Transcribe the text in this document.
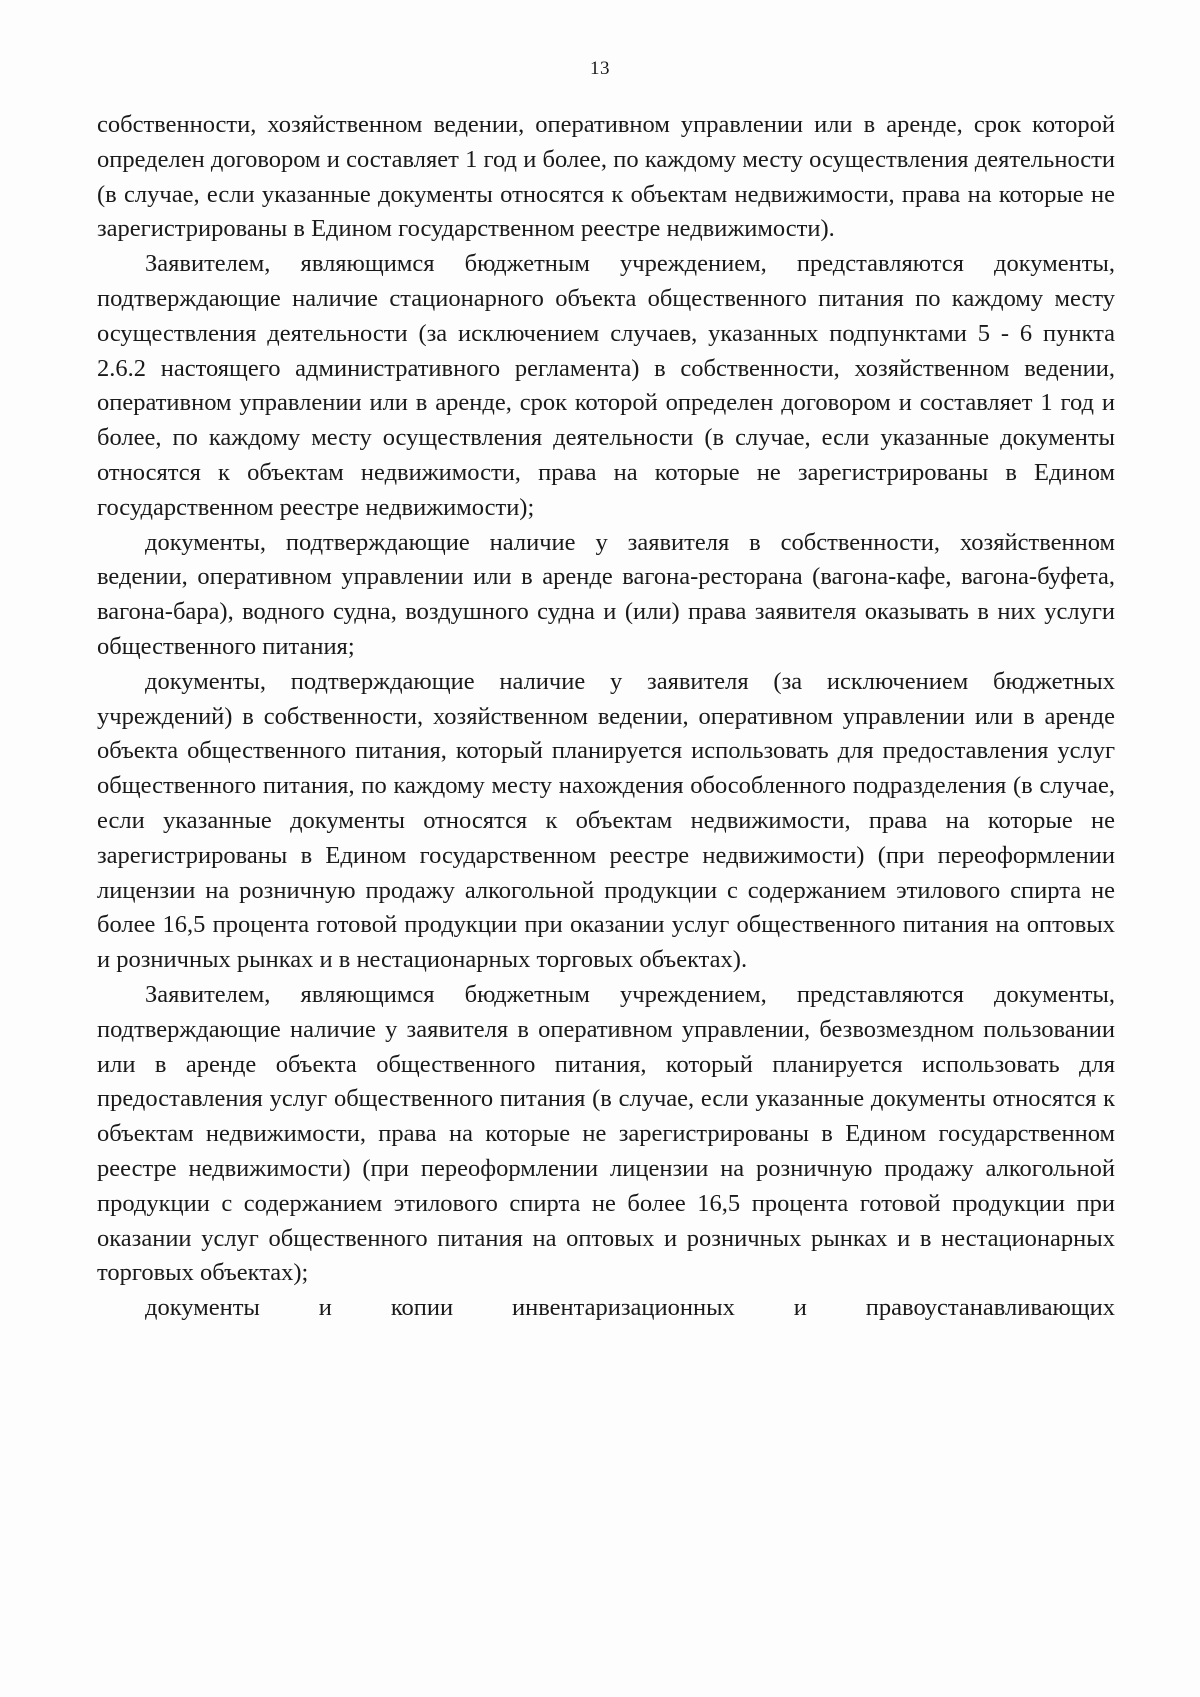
13

собственности, хозяйственном ведении, оперативном управлении или в аренде, срок которой определен договором и составляет 1 год и более, по каждому месту осуществления деятельности (в случае, если указанные документы относятся к объектам недвижимости, права на которые не зарегистрированы в Едином государственном реестре недвижимости).

Заявителем, являющимся бюджетным учреждением, представляются документы, подтверждающие наличие стационарного объекта общественного питания по каждому месту осуществления деятельности (за исключением случаев, указанных подпунктами 5 - 6 пункта 2.6.2 настоящего административного регламента) в собственности, хозяйственном ведении, оперативном управлении или в аренде, срок которой определен договором и составляет 1 год и более, по каждому месту осуществления деятельности (в случае, если указанные документы относятся к объектам недвижимости, права на которые не зарегистрированы в Едином государственном реестре недвижимости);

документы, подтверждающие наличие у заявителя в собственности, хозяйственном ведении, оперативном управлении или в аренде вагона-ресторана (вагона-кафе, вагона-буфета, вагона-бара), водного судна, воздушного судна и (или) права заявителя оказывать в них услуги общественного питания;

документы, подтверждающие наличие у заявителя (за исключением бюджетных учреждений) в собственности, хозяйственном ведении, оперативном управлении или в аренде объекта общественного питания, который планируется использовать для предоставления услуг общественного питания, по каждому месту нахождения обособленного подразделения (в случае, если указанные документы относятся к объектам недвижимости, права на которые не зарегистрированы в Едином государственном реестре недвижимости) (при переоформлении лицензии на розничную продажу алкогольной продукции с содержанием этилового спирта не более 16,5 процента готовой продукции при оказании услуг общественного питания на оптовых и розничных рынках и в нестационарных торговых объектах).

Заявителем, являющимся бюджетным учреждением, представляются документы, подтверждающие наличие у заявителя в оперативном управлении, безвозмездном пользовании или в аренде объекта общественного питания, который планируется использовать для предоставления услуг общественного питания (в случае, если указанные документы относятся к объектам недвижимости, права на которые не зарегистрированы в Едином государственном реестре недвижимости) (при переоформлении лицензии на розничную продажу алкогольной продукции с содержанием этилового спирта не более 16,5 процента готовой продукции при оказании услуг общественного питания на оптовых и розничных рынках и в нестационарных торговых объектах);

документы и копии инвентаризационных и правоустанавливающих
